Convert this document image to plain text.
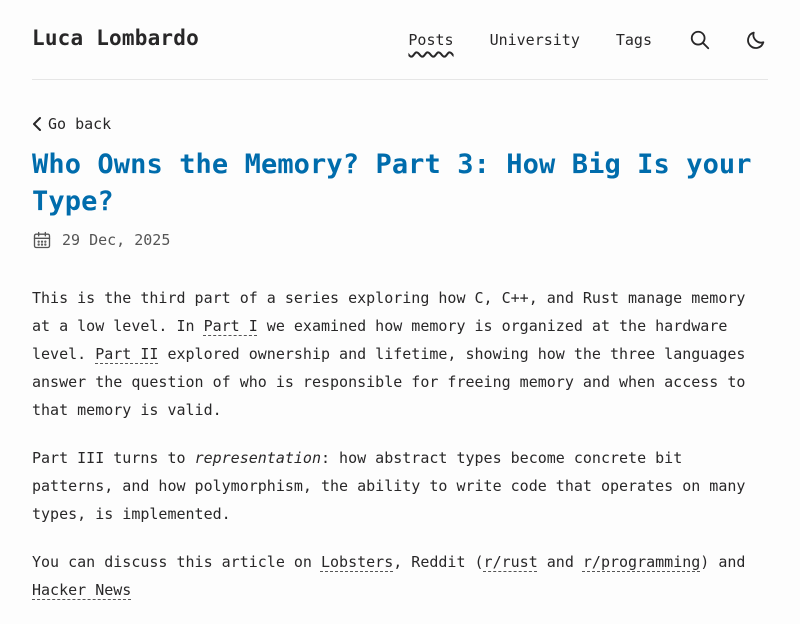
Luca Lombardo	Posts University Tags
Go back
Who Owns the Memory? Part 3: How Big Is your Type?
29 Dec, 2025

This is the third part of a series exploring how C, C++, and Rust manage memory at a low level. In Part I we examined how memory is organized at the hardware level. Part II explored ownership and lifetime, showing how the three languages answer the question of who is responsible for freeing memory and when access to that memory is valid.

Part III turns to representation: how abstract types become concrete bit patterns, and how polymorphism, the ability to write code that operates on many types, is implemented.

You can discuss this article on Lobsters, Reddit (r/rust and r/programming) and Hacker News
